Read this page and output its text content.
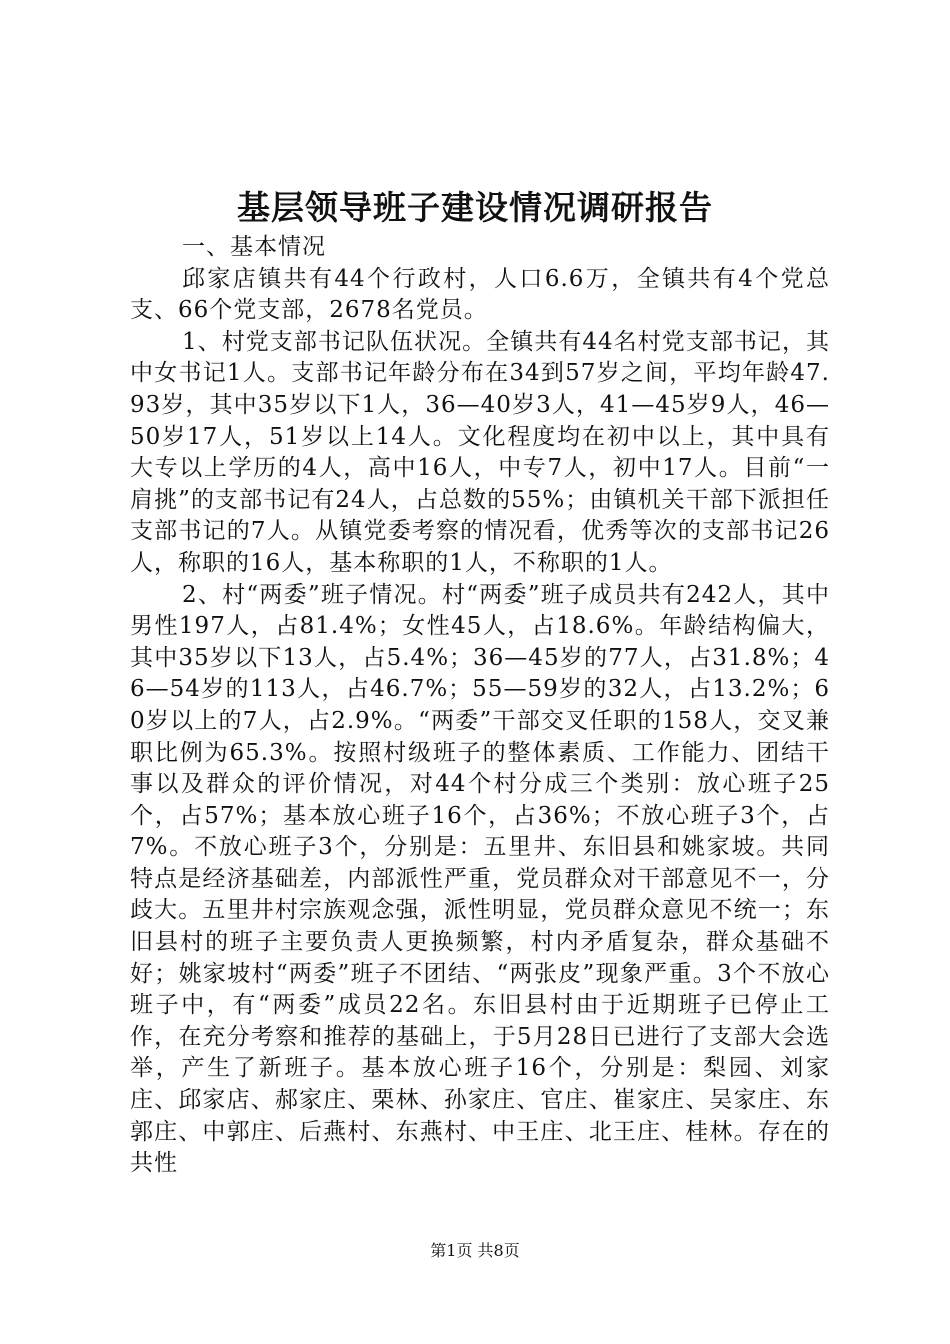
基层领导班子建设情况调研报告

一、基本情况

邱家店镇共有44个行政村，人口6.6万，全镇共有4个党总支、66个党支部，2678名党员。

1、村党支部书记队伍状况。全镇共有44名村党支部书记，其中女书记1人。支部书记年龄分布在34到57岁之间，平均年龄47.93岁，其中35岁以下1人，36—40岁3人，41—45岁9人，46—50岁17人，51岁以上14人。文化程度均在初中以上，其中具有大专以上学历的4人，高中16人，中专7人，初中17人。目前“一肩挑”的支部书记有24人，占总数的55%；由镇机关干部下派担任支部书记的7人。从镇党委考察的情况看，优秀等次的支部书记26人，称职的16人，基本称职的1人，不称职的1人。

2、村“两委”班子情况。村“两委”班子成员共有242人，其中男性197人，占81.4%；女性45人，占18.6%。年龄结构偏大，其中35岁以下13人，占5.4%；36—45岁的77人，占31.8%；46—54岁的113人，占46.7%；55—59岁的32人，占13.2%；60岁以上的7人，占2.9%。“两委”干部交叉任职的158人，交叉兼职比例为65.3%。按照村级班子的整体素质、工作能力、团结干事以及群众的评价情况，对44个村分成三个类别：放心班子25个，占57%；基本放心班子16个，占36%；不放心班子3个，占7%。不放心班子3个，分别是：五里井、东旧县和姚家坡。共同特点是经济基础差，内部派性严重，党员群众对干部意见不一，分歧大。五里井村宗族观念强，派性明显，党员群众意见不统一；东旧县村的班子主要负责人更换频繁，村内矛盾复杂，群众基础不好；姚家坡村“两委”班子不团结、“两张皮”现象严重。3个不放心班子中，有“两委”成员22名。东旧县村由于近期班子已停止工作，在充分考察和推荐的基础上，于5月28日已进行了支部大会选举，产生了新班子。基本放心班子16个，分别是：梨园、刘家庄、邱家店、郝家庄、栗林、孙家庄、官庄、崔家庄、吴家庄、东郭庄、中郭庄、后燕村、东燕村、中王庄、北王庄、桂林。存在的共性

第1页 共8页
